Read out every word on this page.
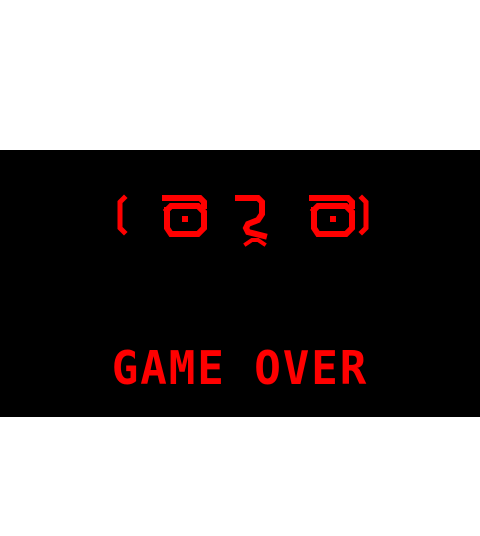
GAME OVER
